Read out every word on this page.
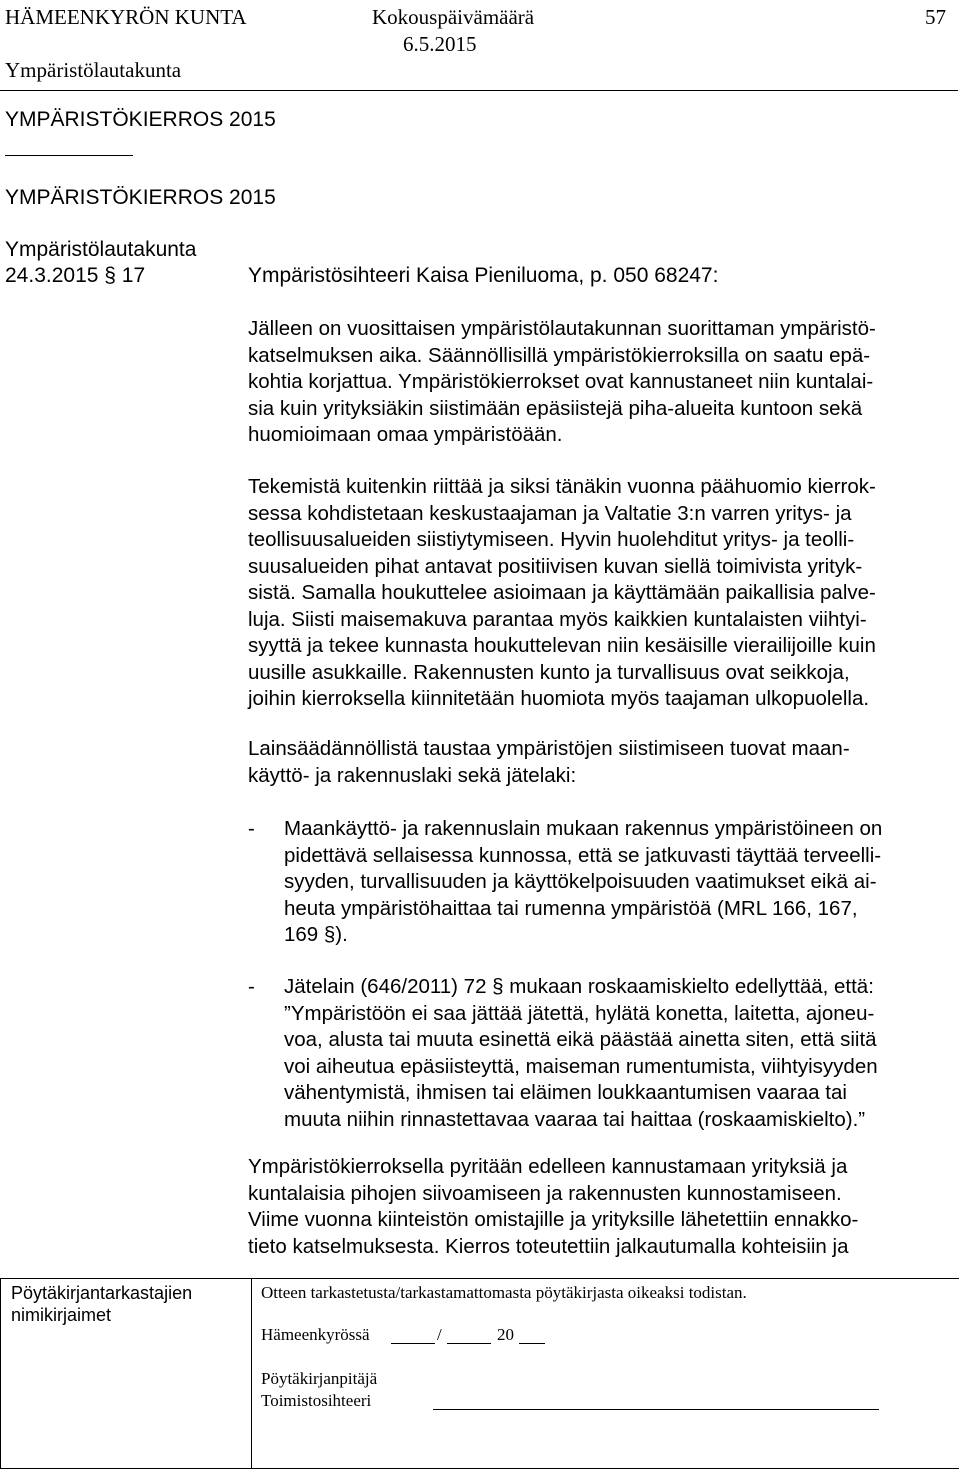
HÄMEENKYRÖN KUNTA	Kokouspäivämäärä	57
6.5.2015
Ympäristölautakunta
YMPÄRISTÖKIERROS 2015
YMPÄRISTÖKIERROS 2015
Ympäristölautakunta
24.3.2015 § 17	Ympäristösihteeri Kaisa Pieniluoma, p. 050 68247:
Jälleen on vuosittaisen ympäristölautakunnan suorittaman ympäristö-
katselmuksen aika. Säännöllisillä ympäristökierroksilla on saatu epä-
kohtia korjattua. Ympäristökierrokset ovat kannustaneet niin kuntalai-
sia kuin yrityksiäkin siistimään epäsiistejä piha-alueita kuntoon sekä
huomioimaan omaa ympäristöään.
Tekemistä kuitenkin riittää ja siksi tänäkin vuonna päähuomio kierrok-
sessa kohdistetaan keskustaajaman ja Valtatie 3:n varren yritys- ja
teollisuusalueiden siistiytymiseen. Hyvin huolehditut yritys- ja teolli-
suusalueiden pihat antavat positiivisen kuvan siellä toimivista yrityk-
sistä. Samalla houkuttelee asioimaan ja käyttämään paikallisia palve-
luja. Siisti maisemakuva parantaa myös kaikkien kuntalaisten viihtyi-
syyttä ja tekee kunnasta houkuttelevan niin kesäisille vierailijoille kuin
uusille asukkaille. Rakennusten kunto ja turvallisuus ovat seikkoja,
joihin kierroksella kiinnitetään huomiota myös taajaman ulkopuolella.
Lainsäädännöllistä taustaa ympäristöjen siistimiseen tuovat maan-
käyttö- ja rakennuslaki sekä jätelaki:
- Maankäyttö- ja rakennuslain mukaan rakennus ympäristöineen on
pidettävä sellaisessa kunnossa, että se jatkuvasti täyttää terveelli-
syyden, turvallisuuden ja käyttökelpoisuuden vaatimukset eikä ai-
heuta ympäristöhaittaa tai rumenna ympäristöä (MRL 166, 167,
169 §).
- Jätelain (646/2011) 72 § mukaan roskaamiskielto edellyttää, että:
”Ympäristöön ei saa jättää jätettä, hylätä konetta, laitetta, ajoneu-
voa, alusta tai muuta esinettä eikä päästää ainetta siten, että siitä
voi aiheutua epäsiisteyttä, maiseman rumentumista, viihtyisyyden
vähentymistä, ihmisen tai eläimen loukkaantumisen vaaraa tai
muuta niihin rinnastettavaa vaaraa tai haittaa (roskaamiskielto).”
Ympäristökierroksella pyritään edelleen kannustamaan yrityksiä ja
kuntalaisia pihojen siivoamiseen ja rakennusten kunnostamiseen.
Viime vuonna kiinteistön omistajille ja yrityksille lähetettiin ennakko-
tieto katselmuksesta. Kierros toteutettiin jalkautumalla kohteisiin ja
Pöytäkirjantarkastajien
nimikirjaimet
Otteen tarkastetusta/tarkastamattomasta pöytäkirjasta oikeaksi todistan.
Hämeenkyrössä	/	20
Pöytäkirjanpitäjä
Toimistosihteeri
